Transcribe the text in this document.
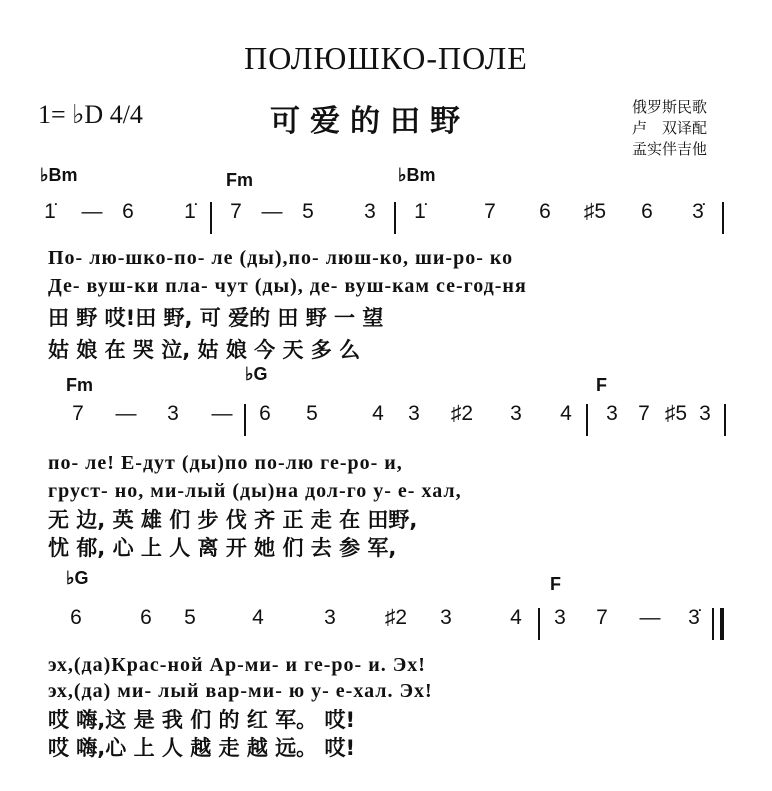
ПОЛЮШКО-ПОЛЕ
1= ♭D 4/4	可爱的田野	俄罗斯民歌
卢　双译配
孟实伴吉他
♭Bm	Fm	♭Bm
1̇ — 6 1̇ 7 — 5 3 1̇	7 6 ♯5 6 3̇
По- лю-шко-по- ле (ды),по- люш-ко, ши-ро- ко
Де- вуш-ки пла- чут (ды), де- вуш-кам се-год-ня
田 野 哎!田 野, 可 爱的 田 野 一 望
姑 娘 在 哭 泣, 姑 娘 今 天 多 么
Fm
♭G
F
7 — 3 — 6 5	4 3 ♯2 3 4 3 7 ♯5 3
по- ле! Е-дут (ды)по по-лю ге-ро- и,
груст- но, ми-лый (ды)на дол-го у- е- хал,
无 边, 英 雄 们 步 伐 齐 正 走 在 田野,
忧 郁, 心 上 人 离 开 她 们 去 参 军,
♭G	F
6	6 5	4	3 ♯2 3	4 3 7 — 3̇
эх,(да)Крас-ной Ар-ми- и ге-ро- и. Эх!
эх,(да) ми- лый вар-ми- ю у- е-хал. Эх!
哎 嗨,这 是 我 们 的 红 军。 哎!
哎 嗨,心 上 人 越 走 越 远。 哎!
